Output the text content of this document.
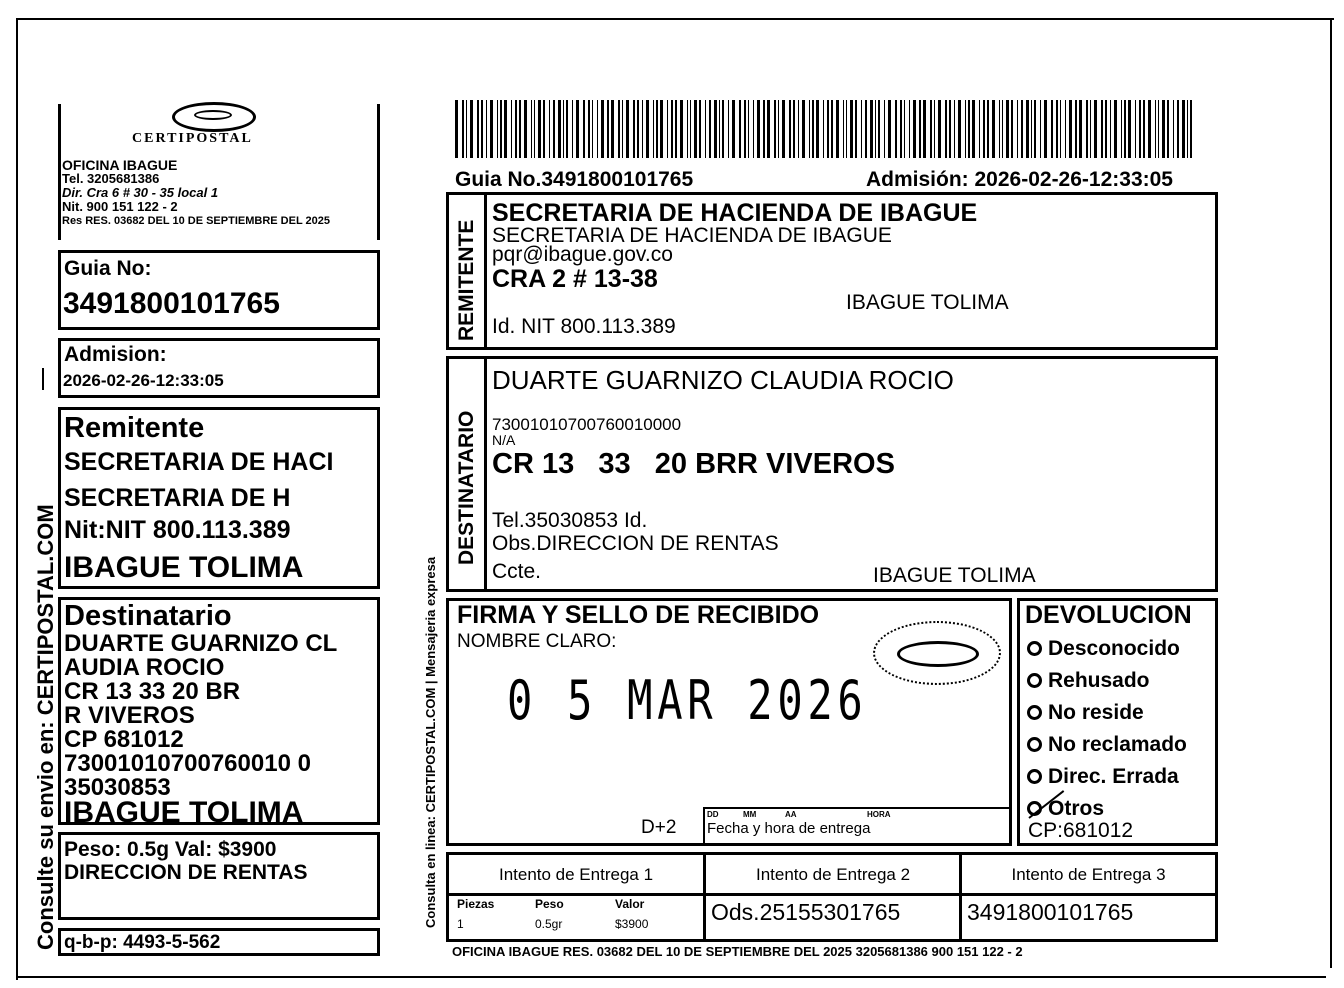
CERTIPOSTAL
OFICINA IBAGUE
Tel. 3205681386
Dir. Cra 6 # 30 - 35 local 1
Nit. 900 151 122 - 2
Res RES. 03682 DEL 10 DE SEPTIEMBRE DEL 2025
Guia No:
3491800101765
Admision:
2026-02-26-12:33:05
Remitente
SECRETARIA DE HACI
SECRETARIA DE H
Nit:NIT 800.113.389
IBAGUE TOLIMA
Destinatario
DUARTE GUARNIZO CL
AUDIA ROCIO
CR 13 33 20 BR
R VIVEROS
CP 681012
73001010700760010 0
35030853
IBAGUE TOLIMA
Peso: 0.5g Val: $3900
DIRECCION DE RENTAS
q-b-p: 4493-5-562
Consulte su envio en: CERTIPOSTAL.COM	Consulta en linea: CERTIPOSTAL.COM | Mensajeria expresa
Guia No.3491800101765	Admisión: 2026-02-26-12:33:05
REMITENTE
SECRETARIA DE HACIENDA DE IBAGUE
SECRETARIA DE HACIENDA DE IBAGUE
pqr@ibague.gov.co
CRA 2 # 13-38
IBAGUE TOLIMA
Id. NIT 800.113.389
DESTINATARIO
DUARTE GUARNIZO CLAUDIA ROCIO
73001010700760010000
N/A
CR 13   33   20 BRR VIVEROS
Tel.35030853 Id.
Obs.DIRECCION DE RENTAS
Ccte.	IBAGUE TOLIMA
FIRMA Y SELLO DE RECIBIDO
NOMBRE CLARO:
0 5 MAR 2026
D+2
DD	MM	AA	HORA
Fecha y hora de entrega
DEVOLUCION
Desconocido
Rehusado
No reside
No reclamado
Direc. Errada
Otros
CP:681012
Intento de Entrega 1	Intento de Entrega 2	Intento de Entrega 3
Piezas	Peso	Valor
1	0.5gr	$3900	Ods.25155301765	3491800101765
OFICINA IBAGUE RES. 03682 DEL 10 DE SEPTIEMBRE DEL 2025 3205681386 900 151 122 - 2
